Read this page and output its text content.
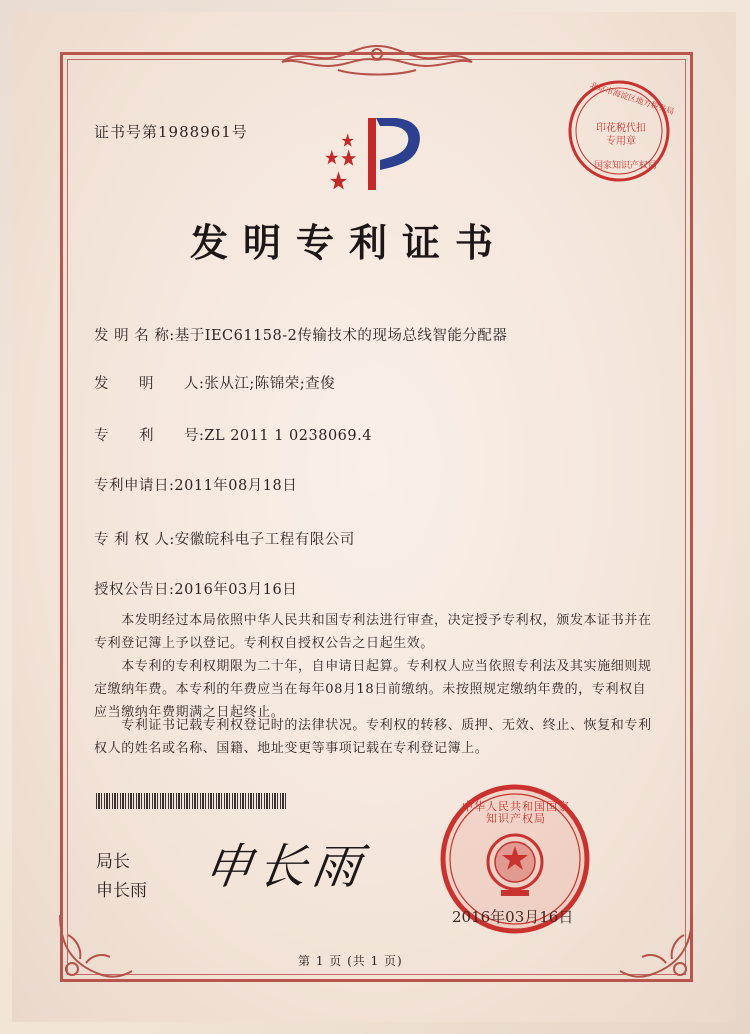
北京市海淀区地方税务局
印花税代扣专用章
国家知识产权局
证书号第1988961号
发明专利证书
发 明 名 称:基于IEC61158-2传输技术的现场总线智能分配器
发　　明　　人:张从江;陈锦荣;查俊
专　　利　　号:ZL 2011 1 0238069.4
专利申请日:2011年08月18日
专 利 权 人:安徽皖科电子工程有限公司
授权公告日:2016年03月16日
　　本发明经过本局依照中华人民共和国专利法进行审查，决定授予专利权，颁发本证书并在专利登记簿上予以登记。专利权自授权公告之日起生效。
　　本专利的专利权期限为二十年，自申请日起算。专利权人应当依照专利法及其实施细则规定缴纳年费。本专利的年费应当在每年08月18日前缴纳。未按照规定缴纳年费的，专利权自应当缴纳年费期满之日起终止。
　　专利证书记载专利权登记时的法律状况。专利权的转移、质押、无效、终止、恢复和专利权人的姓名或名称、国籍、地址变更等事项记载在专利登记簿上。
局长
申长雨 申长雨
中华人民共和国国家知识产权局
2016年03月16日
第 1 页 (共 1 页)
